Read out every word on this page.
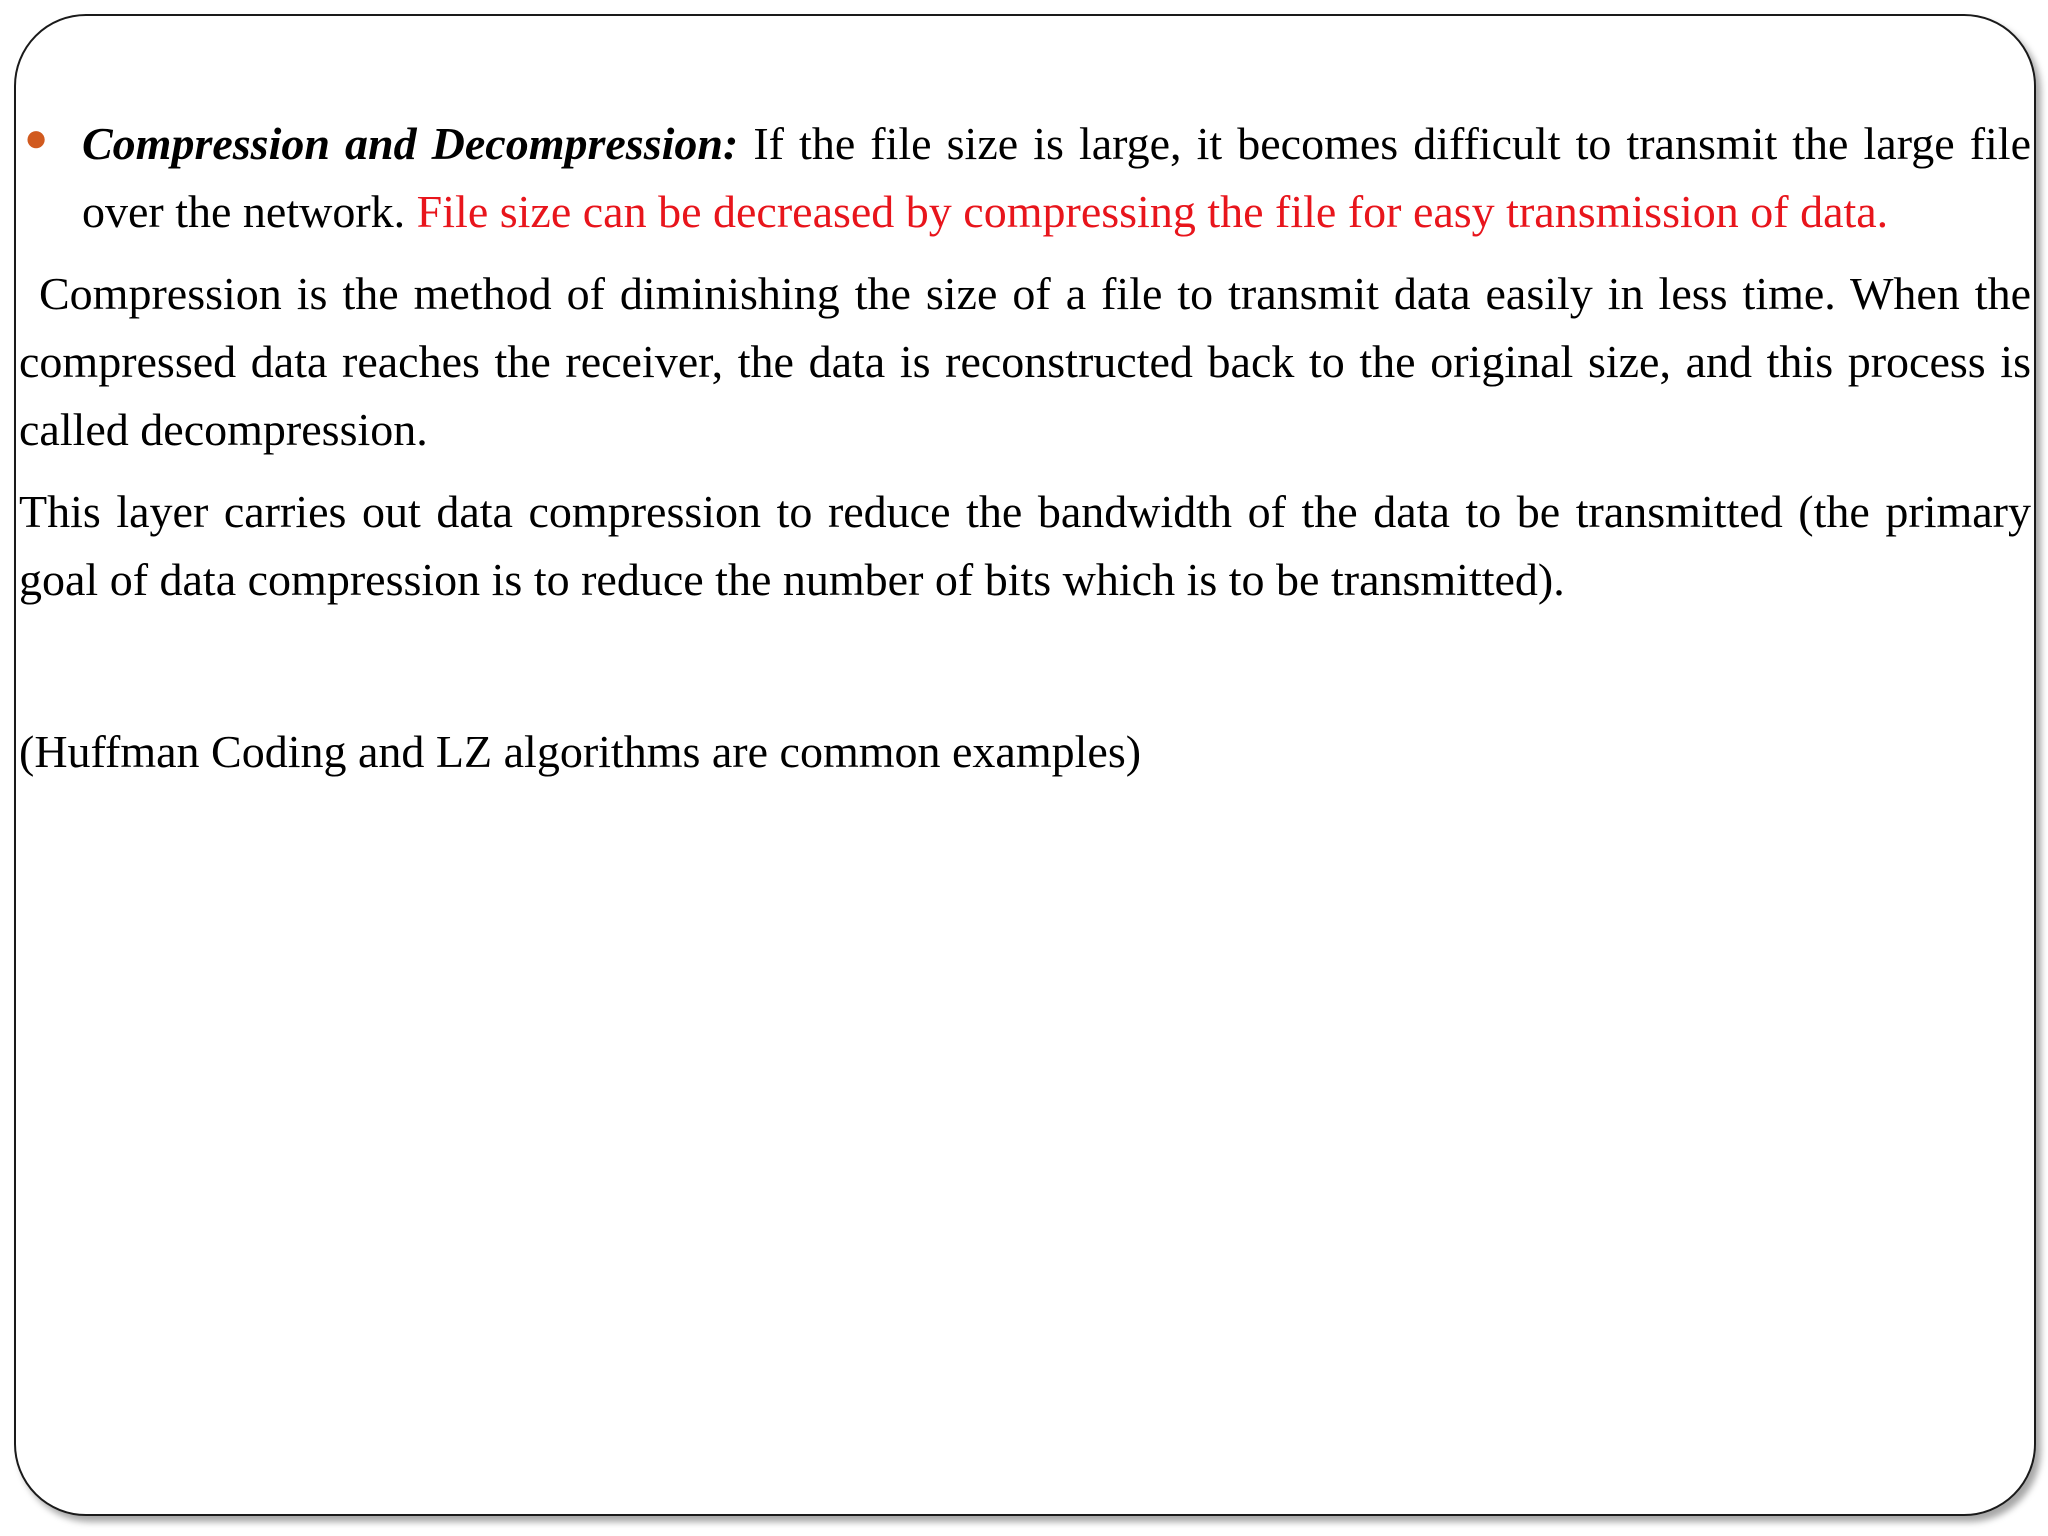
● Compression and Decompression: If the file size is large, it becomes difficult to transmit the large file over the network. File size can be decreased by compressing the file for easy transmission of data.

Compression is the method of diminishing the size of a file to transmit data easily in less time. When the compressed data reaches the receiver, the data is reconstructed back to the original size, and this process is called decompression.

This layer carries out data compression to reduce the bandwidth of the data to be transmitted (the primary goal of data compression is to reduce the number of bits which is to be transmitted).

(Huffman Coding and LZ algorithms are common examples)
